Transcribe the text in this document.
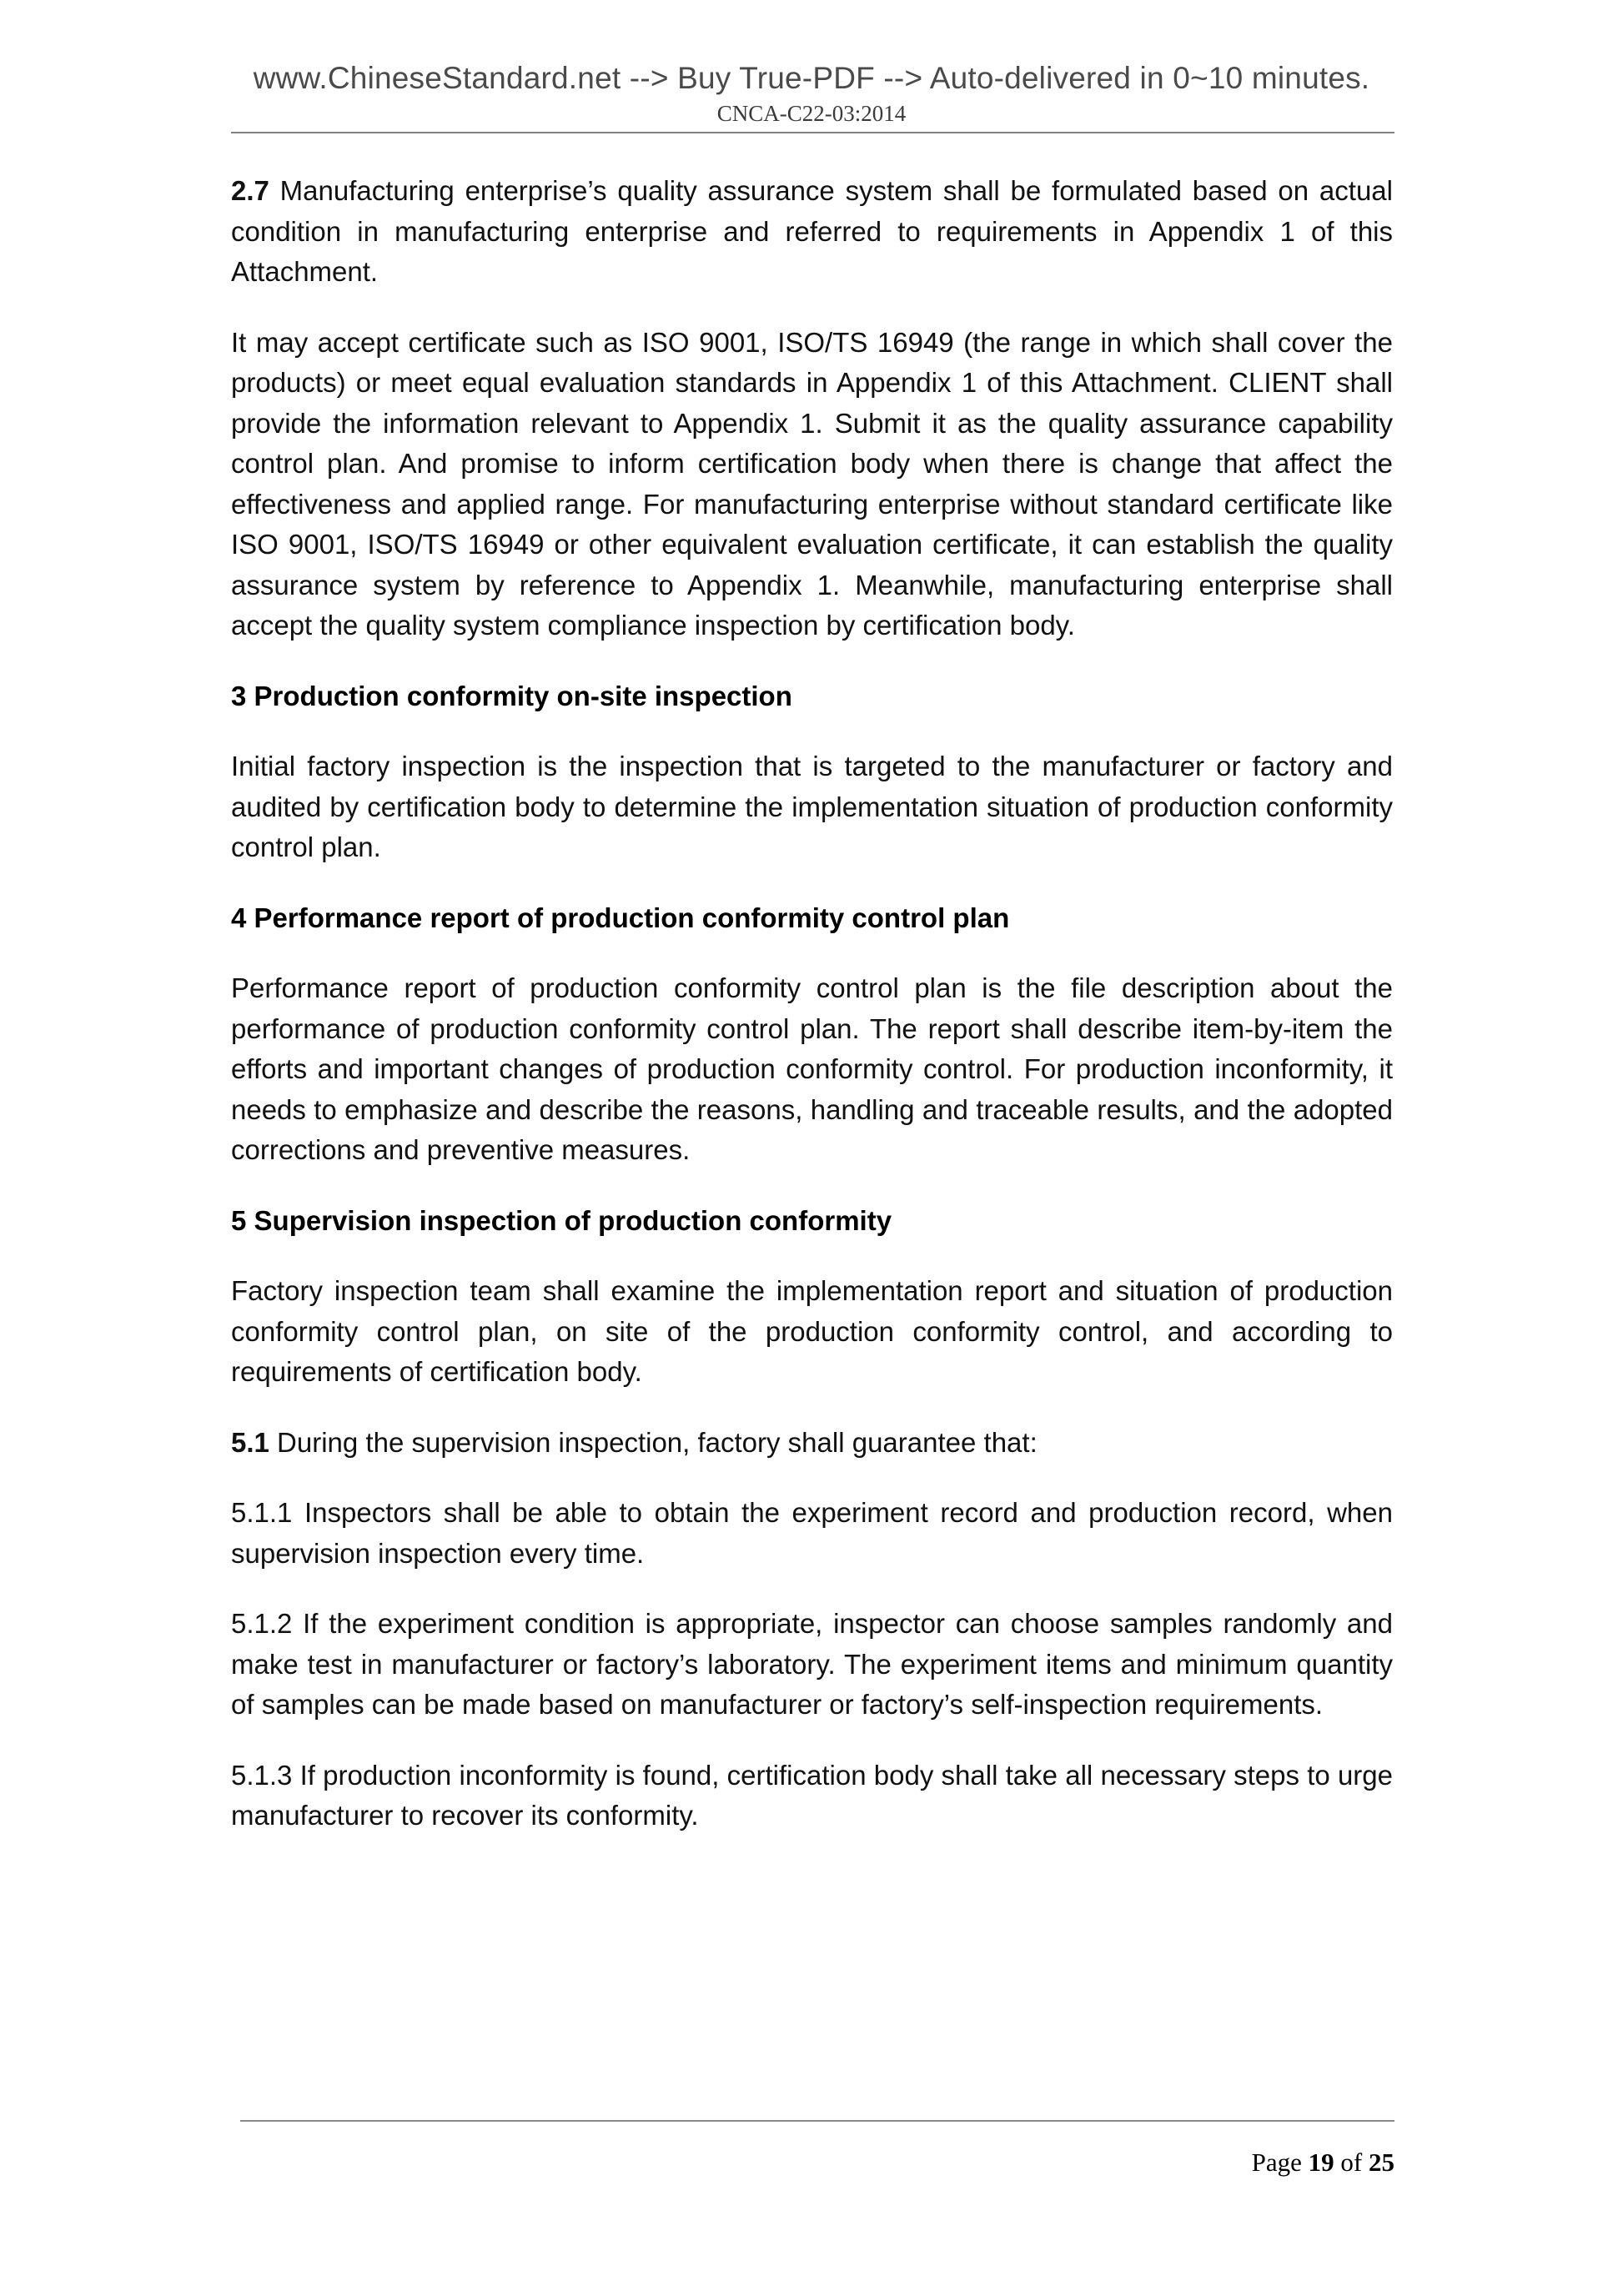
www.ChineseStandard.net --> Buy True-PDF --> Auto-delivered in 0~10 minutes.
CNCA-C22-03:2014

2.7 Manufacturing enterprise’s quality assurance system shall be formulated based on actual condition in manufacturing enterprise and referred to requirements in Appendix 1 of this Attachment.

It may accept certificate such as ISO 9001, ISO/TS 16949 (the range in which shall cover the products) or meet equal evaluation standards in Appendix 1 of this Attachment. CLIENT shall provide the information relevant to Appendix 1. Submit it as the quality assurance capability control plan. And promise to inform certification body when there is change that affect the effectiveness and applied range. For manufacturing enterprise without standard certificate like ISO 9001, ISO/TS 16949 or other equivalent evaluation certificate, it can establish the quality assurance system by reference to Appendix 1. Meanwhile, manufacturing enterprise shall accept the quality system compliance inspection by certification body.

3 Production conformity on-site inspection

Initial factory inspection is the inspection that is targeted to the manufacturer or factory and audited by certification body to determine the implementation situation of production conformity control plan.

4 Performance report of production conformity control plan

Performance report of production conformity control plan is the file description about the performance of production conformity control plan. The report shall describe item-by-item the efforts and important changes of production conformity control. For production inconformity, it needs to emphasize and describe the reasons, handling and traceable results, and the adopted corrections and preventive measures.

5 Supervision inspection of production conformity

Factory inspection team shall examine the implementation report and situation of production conformity control plan, on site of the production conformity control, and according to requirements of certification body.

5.1 During the supervision inspection, factory shall guarantee that:

5.1.1 Inspectors shall be able to obtain the experiment record and production record, when supervision inspection every time.

5.1.2 If the experiment condition is appropriate, inspector can choose samples randomly and make test in manufacturer or factory’s laboratory. The experiment items and minimum quantity of samples can be made based on manufacturer or factory’s self-inspection requirements.

5.1.3 If production inconformity is found, certification body shall take all necessary steps to urge manufacturer to recover its conformity.

Page 19 of 25
